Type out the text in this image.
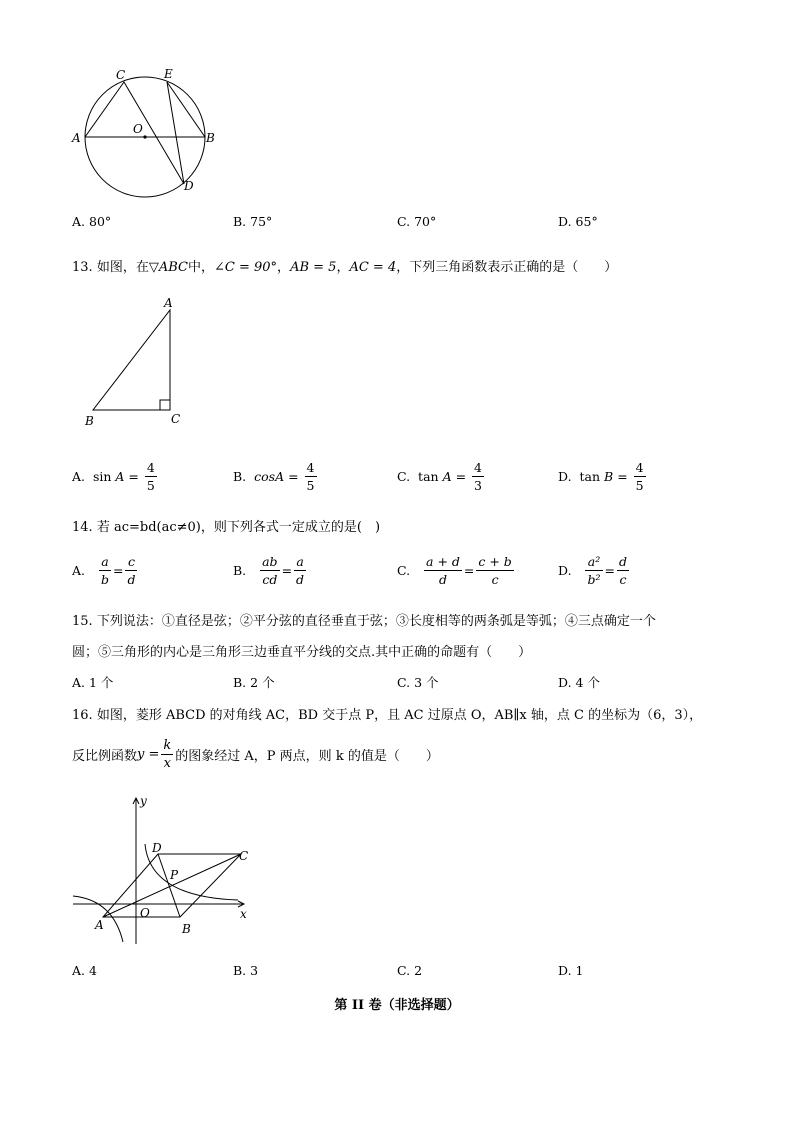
C	E
A
O
B
D
A. 80°	B. 75°	C. 70°	D. 65°
13. 如图，在▽ABC中，∠C = 90°，AB = 5，AC = 4，下列三角函数表示正确的是（　　）
A
B	C
A. $\sin A = \frac{4}{5}$	B. $\cos A = \frac{4}{5}$	C. $\tan A = \frac{4}{3}$	D. $\tan B = \frac{4}{5}$
14. 若 ac=bd(ac≠0)，则下列各式一定成立的是(　)
A. $\frac{a}{b} = \frac{c}{d}$	B. $\frac{ab}{cd} = \frac{a}{d}$	C. $\frac{a + d}{d} = \frac{c + b}{c}$	D. $\frac{\text{a²}}{\text{b²}} = \frac{d}{c}$
15. 下列说法：①直径是弦；②平分弦的直径垂直于弦；③长度相等的两条弧是等弧；④三点确定一个
圆；⑤三角形的内心是三角形三边垂直平分线的交点.其中正确的命题有（　　）
A. 1 个	B. 2 个	C. 3 个	D. 4 个
16. 如图，菱形 ABCD 的对角线 AC，BD 交于点 P，且 AC 过原点 O，AB∥x 轴，点 C 的坐标为（6，3），
反比例函数$y = \frac{k}{x}$ 的图象经过 A，P 两点，则 k 的值是（　　）
y
x
D
C
P
O
A	B
A. 4	B. 3	C. 2	D. 1
第 II 卷（非选择题）
